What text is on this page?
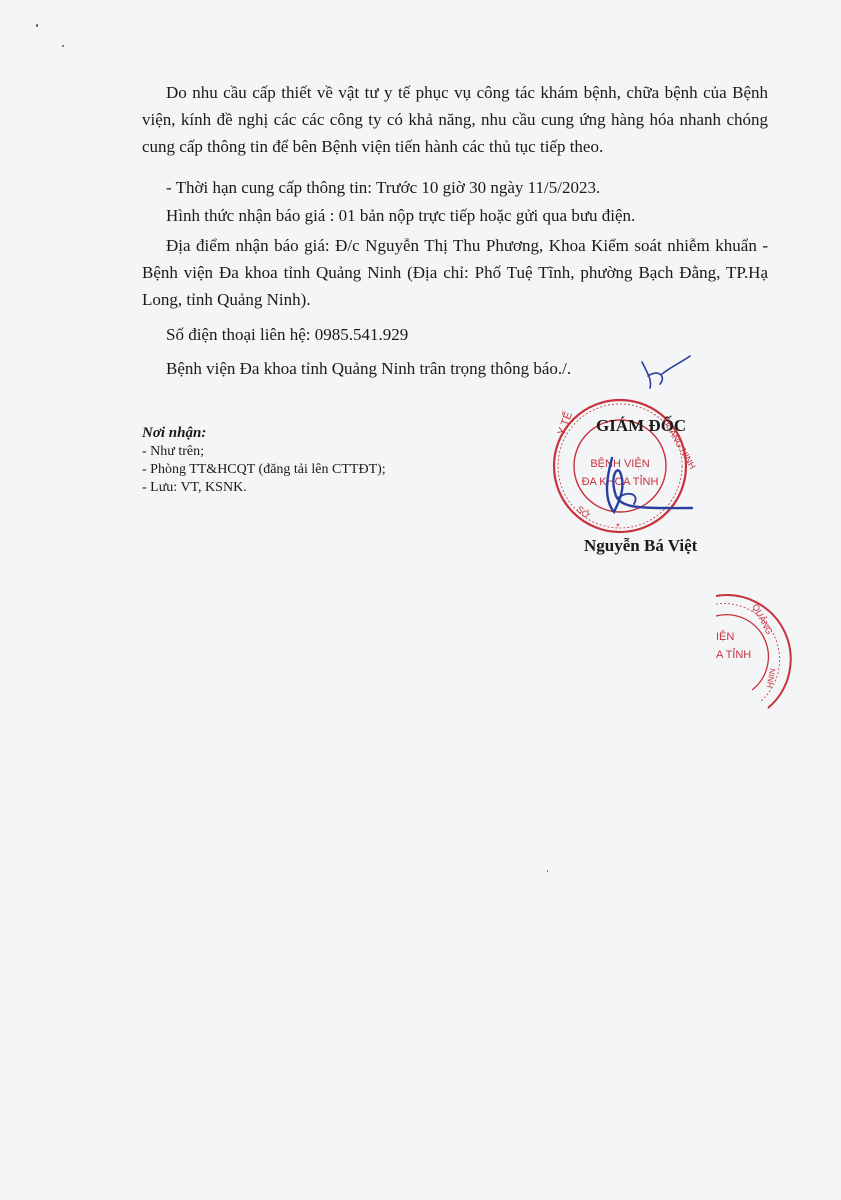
Do nhu cầu cấp thiết về vật tư y tế phục vụ công tác khám bệnh, chữa bệnh của Bệnh viện, kính đề nghị các các công ty có khả năng, nhu cầu cung ứng hàng hóa nhanh chóng cung cấp thông tin để bên Bệnh viện tiến hành các thủ tục tiếp theo.

- Thời hạn cung cấp thông tin: Trước 10 giờ 30 ngày 11/5/2023.
Hình thức nhận báo giá : 01 bản nộp trực tiếp hoặc gửi qua bưu điện.

Địa điểm nhận báo giá: Đ/c Nguyễn Thị Thu Phương, Khoa Kiểm soát nhiễm khuẩn - Bệnh viện Đa khoa tỉnh Quảng Ninh (Địa chỉ: Phố Tuệ Tĩnh, phường Bạch Đằng, TP.Hạ Long, tỉnh Quảng Ninh).

Số điện thoại liên hệ: 0985.541.929
Bệnh viện Đa khoa tỉnh Quảng Ninh trân trọng thông báo./.
Nơi nhận:
- Như trên;
- Phòng TT&HCQT (đăng tải lên CTTĐT);
- Lưu: VT, KSNK.
Y TẾ	QUẢNG NINH
SỞ
BỆNH VIỆN
ĐA KHOA TỈNH
*
IỆN
A TỈNH
QUẢNG
NINH
GIÁM ĐỐC
Nguyễn Bá Việt
